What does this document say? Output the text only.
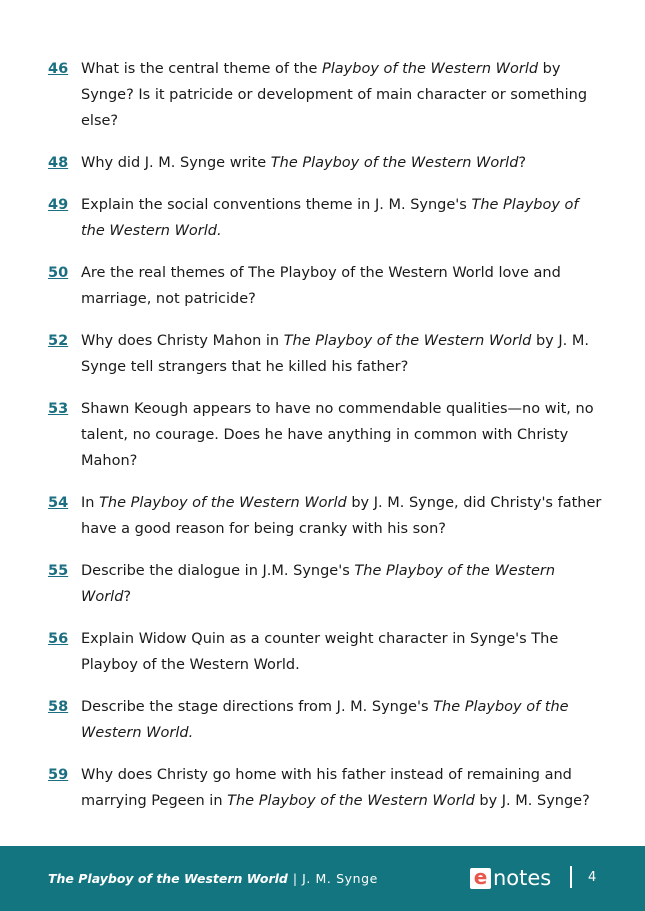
46 What is the central theme of the Playboy of the Western World by Synge? Is it patricide or development of main character or something else?

48 Why did J. M. Synge write The Playboy of the Western World?

49 Explain the social conventions theme in J. M. Synge's The Playboy of the Western World.

50 Are the real themes of The Playboy of the Western World love and marriage, not patricide?

52 Why does Christy Mahon in The Playboy of the Western World by J. M. Synge tell strangers that he killed his father?

53 Shawn Keough appears to have no commendable qualities—no wit, no talent, no courage. Does he have anything in common with Christy Mahon?

54 In The Playboy of the Western World by J. M. Synge, did Christy's father have a good reason for being cranky with his son?

55 Describe the dialogue in J.M. Synge's The Playboy of the Western World?

56 Explain Widow Quin as a counter weight character in Synge's The Playboy of the Western World.

58 Describe the stage directions from J. M. Synge's The Playboy of the Western World.

59 Why does Christy go home with his father instead of remaining and marrying Pegeen in The Playboy of the Western World by J. M. Synge?

The Playboy of the Western World | J. M. Synge	e notes	4
